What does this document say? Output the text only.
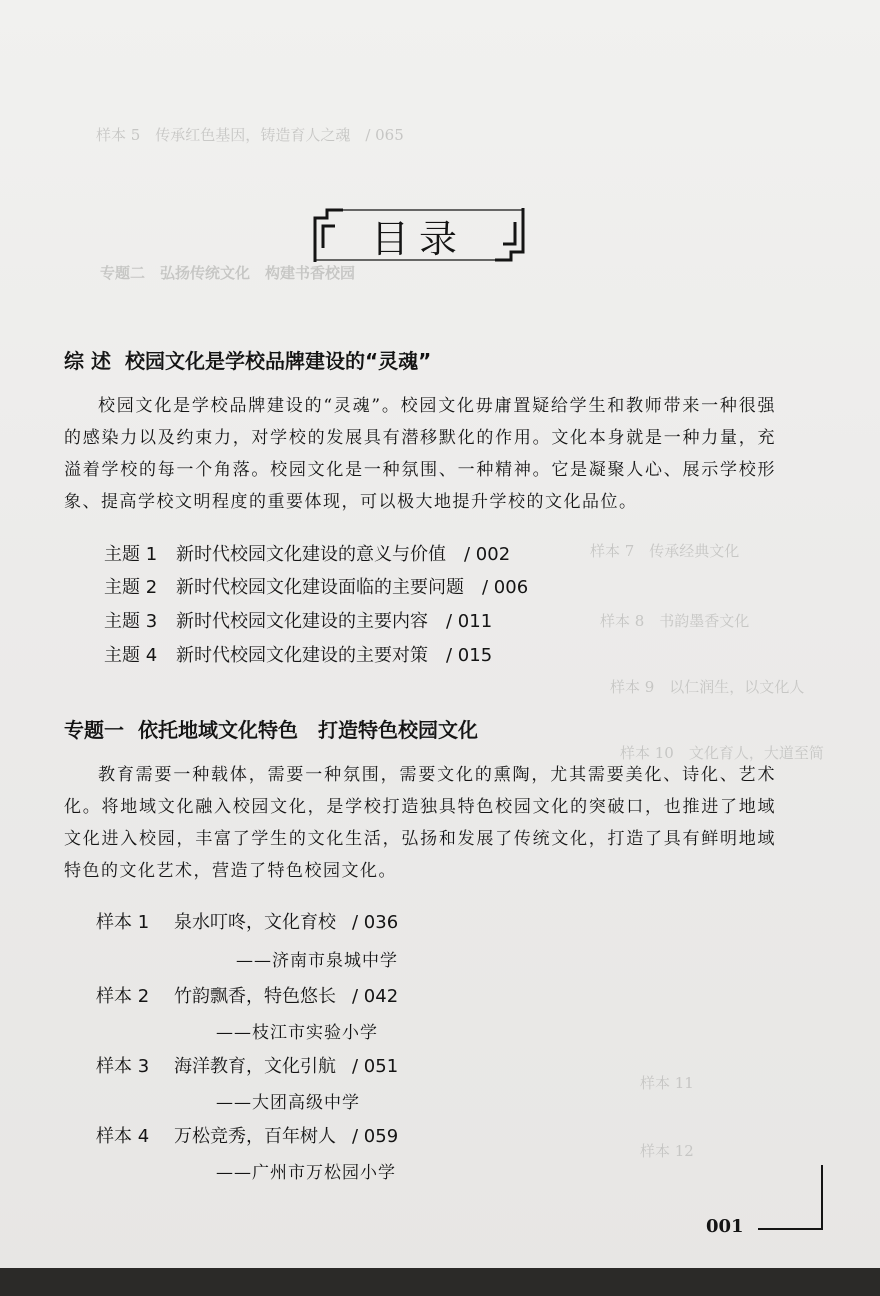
样本 5　传承红色基因，铸造育人之魂　/ 065
专题二　弘扬传统文化　构建书香校园
样本 7　传承经典文化
样本 8　书韵墨香文化
样本 9　以仁润生，以文化人
样本 10　文化育人，大道至简
样本 11
样本 12
目录
综 述 校园文化是学校品牌建设的“灵魂”
校园文化是学校品牌建设的“灵魂”。校园文化毋庸置疑给学生和教师带来一种很强的感染力以及约束力，对学校的发展具有潜移默化的作用。文化本身就是一种力量，充溢着学校的每一个角落。校园文化是一种氛围、一种精神。它是凝聚人心、展示学校形象、提高学校文明程度的重要体现，可以极大地提升学校的文化品位。
主题 1 新时代校园文化建设的意义与价值 / 002
主题 2 新时代校园文化建设面临的主要问题 / 006
主题 3 新时代校园文化建设的主要内容 / 011
主题 4 新时代校园文化建设的主要对策 / 015
专题一 依托地域文化特色　打造特色校园文化
教育需要一种载体，需要一种氛围，需要文化的熏陶，尤其需要美化、诗化、艺术化。将地域文化融入校园文化，是学校打造独具特色校园文化的突破口，也推进了地域文化进入校园，丰富了学生的文化生活，弘扬和发展了传统文化，打造了具有鲜明地域特色的文化艺术，营造了特色校园文化。
样本 1 泉水叮咚，文化育校 / 036
——济南市泉城中学
样本 2 竹韵飘香，特色悠长 / 042
——枝江市实验小学
样本 3 海洋教育，文化引航 / 051
——大团高级中学
样本 4 万松竞秀，百年树人 / 059
——广州市万松园小学
001
